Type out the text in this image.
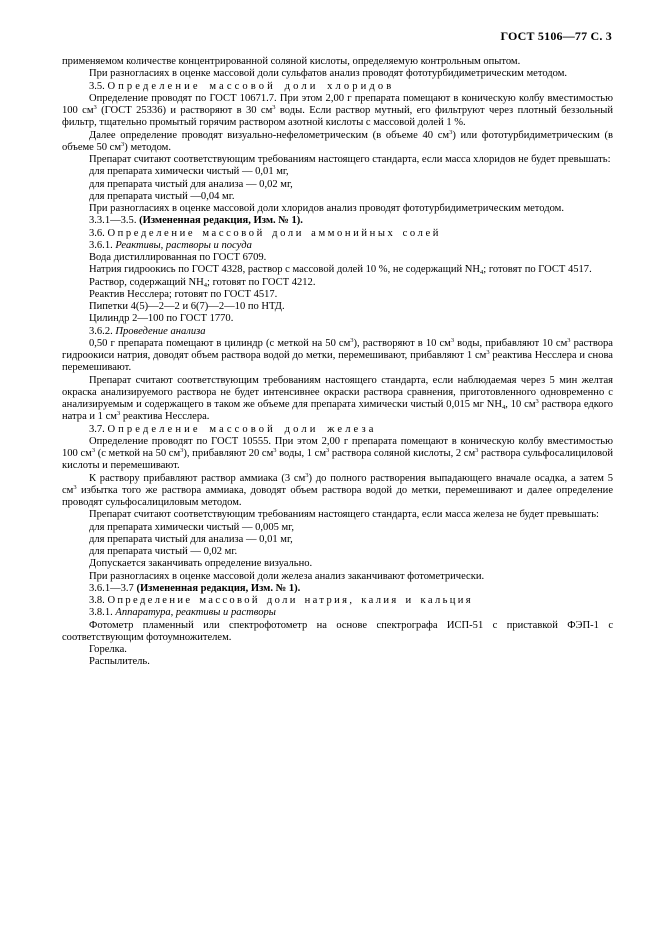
ГОСТ 5106—77 С. 3

применяемом количестве концентрированной соляной кислоты, определяемую контрольным опытом.

При разногласиях в оценке массовой доли сульфатов анализ проводят фототурбидиметрическим методом.

3.5. Определение массовой доли хлоридов

Определение проводят по ГОСТ 10671.7. При этом 2,00 г препарата помещают в коническую колбу вместимостью 100 $см^3$ (ГОСТ 25336) и растворяют в 30 $см^3$ воды. Если раствор мутный, его фильтруют через плотный беззольный фильтр, тщательно промытый горячим раствором азотной кислоты с массовой долей 1 %.

Далее определение проводят визуально-нефелометрическим (в объеме 40 $см^3$) или фототурбидиметрическим (в объеме 50 $см^3$) методом.

Препарат считают соответствующим требованиям настоящего стандарта, если масса хлоридов не будет превышать:

для препарата химически чистый — 0,01 мг,

для препарата чистый для анализа — 0,02 мг,

для препарата чистый —0,04 мг.

При разногласиях в оценке массовой доли хлоридов анализ проводят фототурбидиметрическим методом.

3.3.1—3.5. (Измененная редакция, Изм. № 1).

3.6. Определение массовой доли аммонийных солей

3.6.1. Реактивы, растворы и посуда

Вода дистиллированная по ГОСТ 6709.

Натрия гидроокись по ГОСТ 4328, раствор с массовой долей 10 %, не содержащий $NH_4$; готовят по ГОСТ 4517.

Раствор, содержащий $NH_4$; готовят по ГОСТ 4212.

Реактив Несслера; готовят по ГОСТ 4517.

Пипетки 4(5)—2—2 и 6(7)—2—10 по НТД.

Цилиндр 2—100 по ГОСТ 1770.

3.6.2. Проведение анализа

0,50 г препарата помещают в цилиндр (с меткой на 50 $см^3$), растворяют в 10 $см^3$ воды, прибавляют 10 $см^3$ раствора гидроокиси натрия, доводят объем раствора водой до метки, перемешивают, прибавляют 1 $см^3$ реактива Несслера и снова перемешивают.

Препарат считают соответствующим требованиям настоящего стандарта, если наблюдаемая через 5 мин желтая окраска анализируемого раствора не будет интенсивнее окраски раствора сравнения, приготовленного одновременно с анализируемым и содержащего в таком же объеме для препарата химически чистый 0,015 мг $NH_4$, 10 $см^3$ раствора едкого натра и 1 $см^3$ реактива Несслера.

3.7. Определение массовой доли железа

Определение проводят по ГОСТ 10555. При этом 2,00 г препарата помещают в коническую колбу вместимостью 100 $см^3$ (с меткой на 50 $см^3$), прибавляют 20 $см^3$ воды, 1 $см^3$ раствора соляной кислоты, 2 $см^3$ раствора сульфосалициловой кислоты и перемешивают.

К раствору прибавляют раствор аммиака (3 $см^3$) до полного растворения выпадающего вначале осадка, а затем 5 $см^3$ избытка того же раствора аммиака, доводят объем раствора водой до метки, перемешивают и далее определение проводят сульфосалициловым методом.

Препарат считают соответствующим требованиям настоящего стандарта, если масса железа не будет превышать:

для препарата химически чистый — 0,005 мг,

для препарата чистый для анализа — 0,01 мг,

для препарата чистый — 0,02 мг.

Допускается заканчивать определение визуально.

При разногласиях в оценке массовой доли железа анализ заканчивают фотометрически.

3.6.1—3.7 (Измененная редакция, Изм. № 1).

3.8. Определение массовой доли натрия, калия и кальция

3.8.1. Аппаратура, реактивы и растворы

Фотометр пламенный или спектрофотометр на основе спектрографа ИСП-51 с приставкой ФЭП-1 с соответствующим фотоумножителем.

Горелка.

Распылитель.
